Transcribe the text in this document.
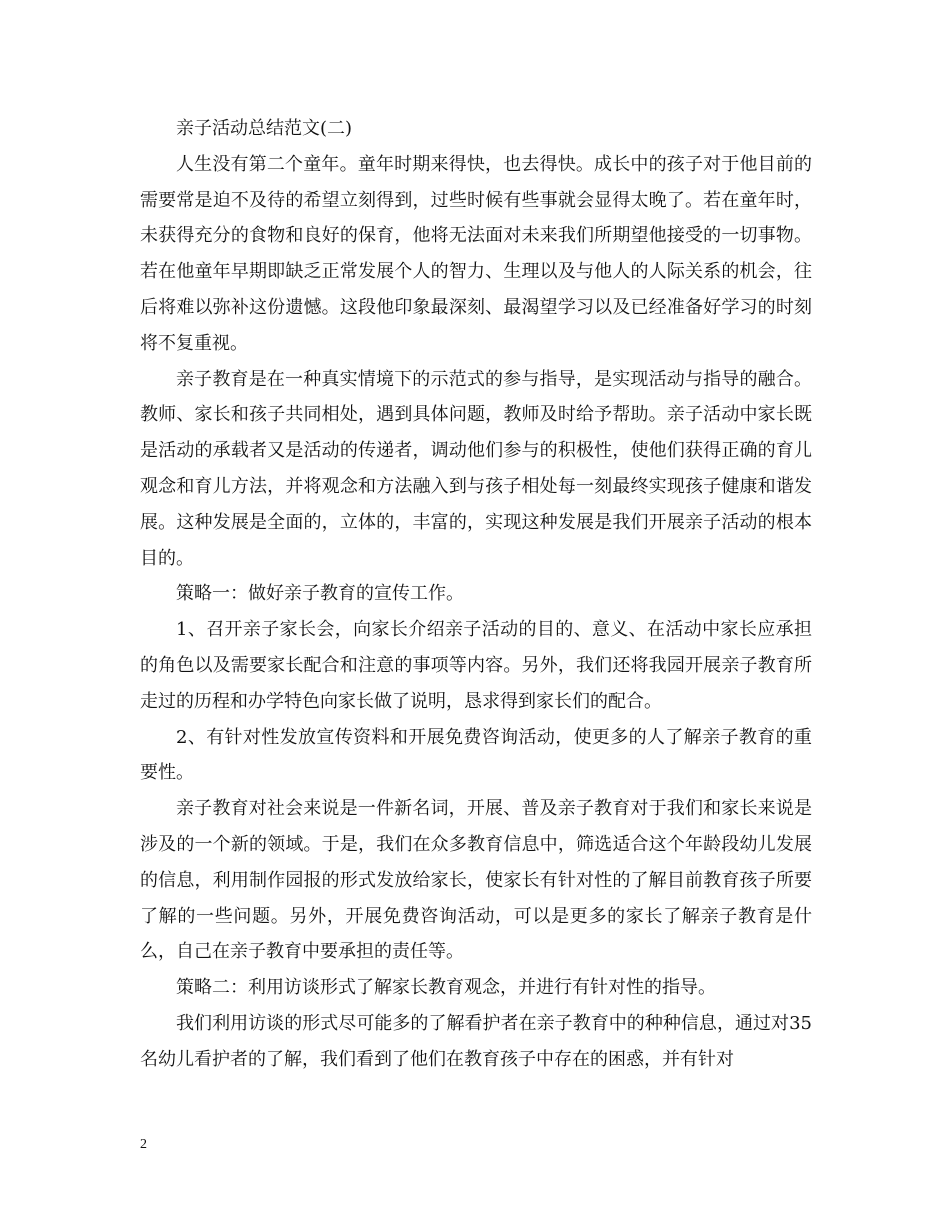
亲子活动总结范文(二)

人生没有第二个童年。童年时期来得快，也去得快。成长中的孩子对于他目前的需要常是迫不及待的希望立刻得到，过些时候有些事就会显得太晚了。若在童年时，未获得充分的食物和良好的保育，他将无法面对未来我们所期望他接受的一切事物。若在他童年早期即缺乏正常发展个人的智力、生理以及与他人的人际关系的机会，往后将难以弥补这份遗憾。这段他印象最深刻、最渴望学习以及已经准备好学习的时刻将不复重视。

亲子教育是在一种真实情境下的示范式的参与指导，是实现活动与指导的融合。教师、家长和孩子共同相处，遇到具体问题，教师及时给予帮助。亲子活动中家长既是活动的承载者又是活动的传递者，调动他们参与的积极性，使他们获得正确的育儿观念和育儿方法，并将观念和方法融入到与孩子相处每一刻最终实现孩子健康和谐发展。这种发展是全面的，立体的，丰富的，实现这种发展是我们开展亲子活动的根本目的。

策略一：做好亲子教育的宣传工作。

1、召开亲子家长会，向家长介绍亲子活动的目的、意义、在活动中家长应承担的角色以及需要家长配合和注意的事项等内容。另外，我们还将我园开展亲子教育所走过的历程和办学特色向家长做了说明，恳求得到家长们的配合。

2、有针对性发放宣传资料和开展免费咨询活动，使更多的人了解亲子教育的重要性。

亲子教育对社会来说是一件新名词，开展、普及亲子教育对于我们和家长来说是涉及的一个新的领域。于是，我们在众多教育信息中，筛选适合这个年龄段幼儿发展的信息，利用制作园报的形式发放给家长，使家长有针对性的了解目前教育孩子所要了解的一些问题。另外，开展免费咨询活动，可以是更多的家长了解亲子教育是什么，自己在亲子教育中要承担的责任等。

策略二：利用访谈形式了解家长教育观念，并进行有针对性的指导。

我们利用访谈的形式尽可能多的了解看护者在亲子教育中的种种信息，通过对35名幼儿看护者的了解，我们看到了他们在教育孩子中存在的困惑，并有针对

2
